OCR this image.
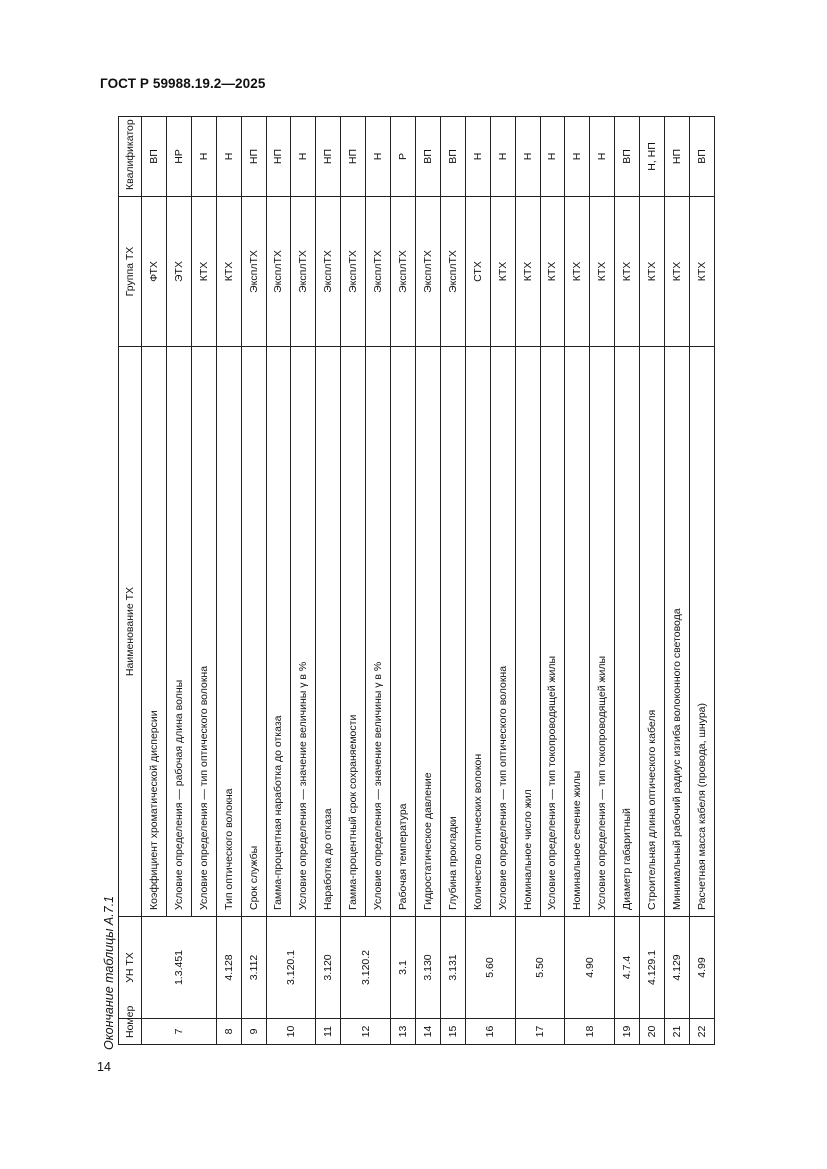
ГОСТ Р 59988.19.2—2025
14
Окончание таблицы А.7.1 Номер	УН ТХ	Наименование ТХ	Группа ТХ	Квалификатор
7	1.3.451	Коэффициент хроматической дисперсии	ФТХ	ВП
		Условие определения — рабочая длина волны	ЭТХ	НР
		Условие определения — тип оптического волокна	КТХ	Н
8	4.128	Тип оптического волокна	КТХ	Н
9	3.112	Срок службы	ЭксплТХ	НП
10	3.120.1	Гамма-процентная наработка до отказа	ЭксплТХ	НП
		Условие определения — значение величины γ в %	ЭксплТХ	Н
11	3.120	Наработка до отказа	ЭксплТХ	НП
12	3.120.2	Гамма-процентный срок сохраняемости	ЭксплТХ	НП
		Условие определения — значение величины γ в %	ЭксплТХ	Н
13	3.1	Рабочая температура	ЭксплТХ	Р
14	3.130	Гидростатическое давление	ЭксплТХ	ВП
15	3.131	Глубина прокладки	ЭксплТХ	ВП
16	5.60	Количество оптических волокон	СТХ	Н
		Условие определения — тип оптического волокна	КТХ	Н
17	5.50	Номинальное число жил	КТХ	Н
		Условие определения — тип токопроводящей жилы	КТХ	Н
18	4.90	Номинальное сечение жилы	КТХ	Н
		Условие определения — тип токопроводящей жилы	КТХ	Н
19	4.7.4	Диаметр габаритный	КТХ	ВП
20	4.129.1	Строительная длина оптического кабеля	КТХ	Н, НП
21	4.129	Минимальный рабочий радиус изгиба волоконного световода	КТХ	НП
22	4.99	Расчетная масса кабеля (провода, шнура)	КТХ	ВП
